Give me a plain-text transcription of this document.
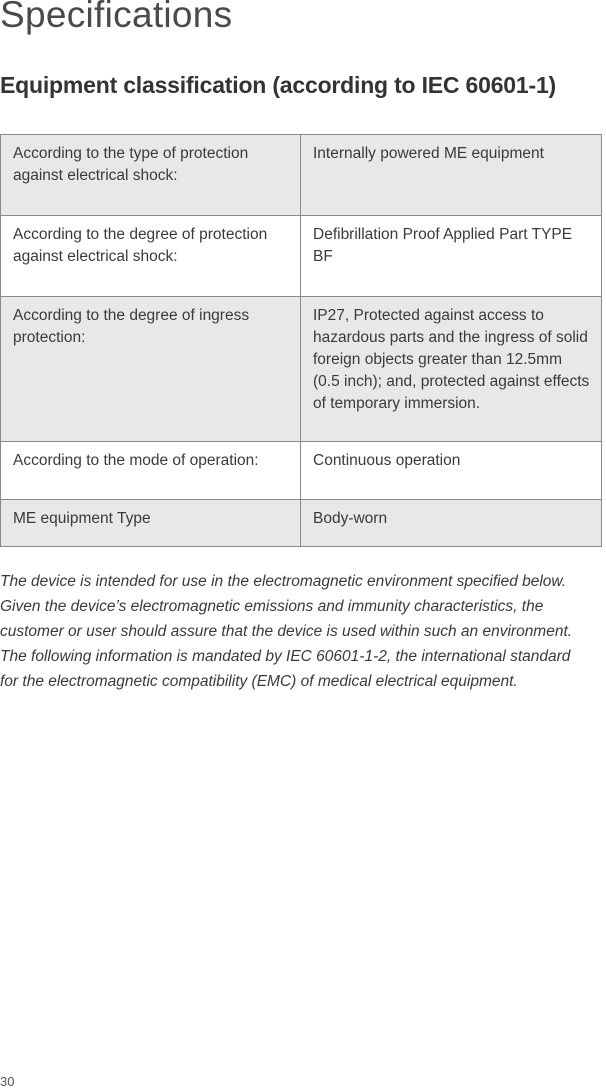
Specifications
Equipment classification (according to IEC 60601-1)
According to the type of protection against electrical shock:	Internally powered ME equipment
According to the degree of protection against electrical shock:	Defibrillation Proof Applied Part TYPE BF
According to the degree of ingress protection:	IP27, Protected against access to hazardous parts and the ingress of solid foreign objects greater than 12.5mm (0.5 inch); and, protected against effects of temporary immersion.
According to the mode of operation:	Continuous operation
ME equipment Type	Body-worn

The device is intended for use in the electromagnetic environment specified below. Given the device’s electromagnetic emissions and immunity characteristics, the customer or user should assure that the device is used within such an environment. The following information is mandated by IEC 60601-1-2, the international standard for the electromagnetic compatibility (EMC) of medical electrical equipment.

30
